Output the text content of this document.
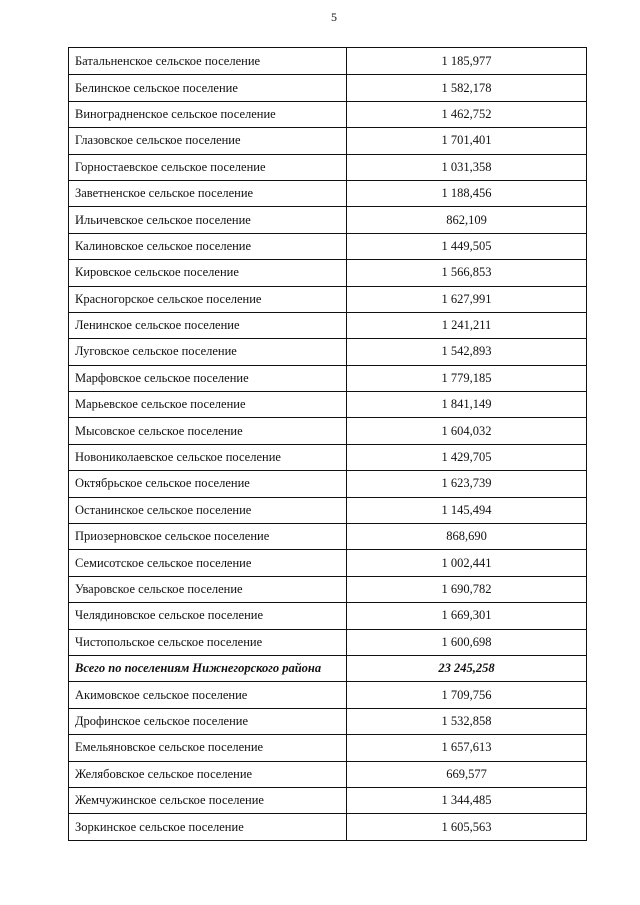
5
Батальненское сельское поселение	1 185,977
Белинское сельское поселение	1 582,178
Виноградненское сельское поселение	1 462,752
Глазовское сельское поселение	1 701,401
Горностаевское сельское поселение	1 031,358
Заветненское сельское поселение	1 188,456
Ильичевское сельское поселение	862,109
Калиновское сельское поселение	1 449,505
Кировское сельское поселение	1 566,853
Красногорское сельское поселение	1 627,991
Ленинское сельское поселение	1 241,211
Луговское сельское поселение	1 542,893
Марфовское сельское поселение	1 779,185
Марьевское сельское поселение	1 841,149
Мысовское сельское поселение	1 604,032
Новониколаевское сельское поселение	1 429,705
Октябрьское сельское поселение	1 623,739
Останинское сельское поселение	1 145,494
Приозерновское сельское поселение	868,690
Семисотское сельское поселение	1 002,441
Уваровское сельское поселение	1 690,782
Челядиновское сельское поселение	1 669,301
Чистопольское сельское поселение	1 600,698
Всего по поселениям Нижнегорского района	23 245,258
Акимовское сельское поселение	1 709,756
Дрофинское сельское поселение	1 532,858
Емельяновское сельское поселение	1 657,613
Желябовское сельское поселение	669,577
Жемчужинское сельское поселение	1 344,485
Зоркинское сельское поселение	1 605,563
